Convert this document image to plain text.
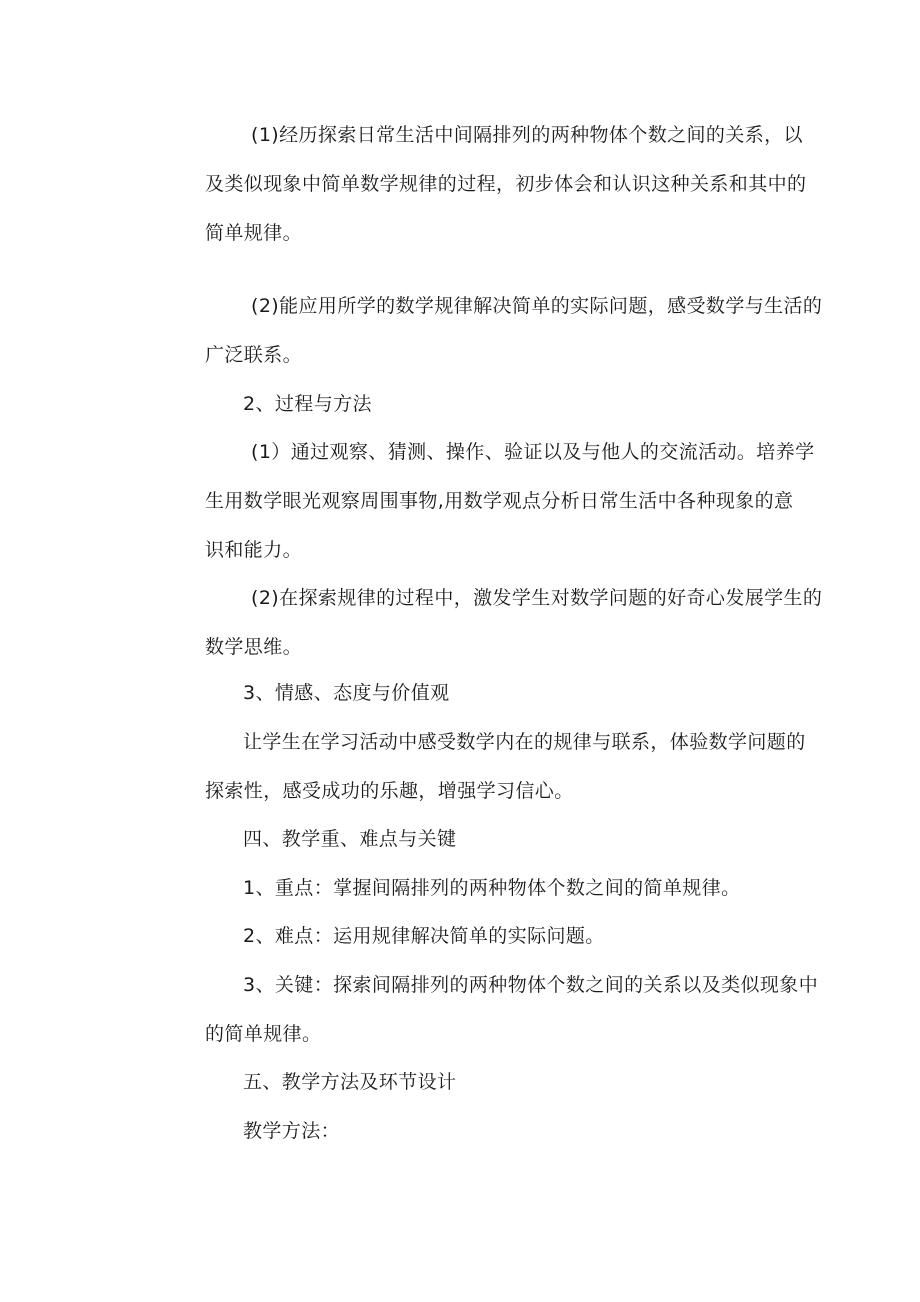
(1)经历探索日常生活中间隔排列的两种物体个数之间的关系，以
及类似现象中简单数学规律的过程，初步体会和认识这种关系和其中的
简单规律。
(2)能应用所学的数学规律解决简单的实际问题，感受数学与生活的
广泛联系。
2、过程与方法
(1）通过观察、猜测、操作、验证以及与他人的交流活动。培养学
生用数学眼光观察周围事物,用数学观点分析日常生活中各种现象的意
识和能力。
(2)在探索规律的过程中，激发学生对数学问题的好奇心发展学生的
数学思维。
3、情感、态度与价值观
让学生在学习活动中感受数学内在的规律与联系，体验数学问题的
探索性，感受成功的乐趣，增强学习信心。
四、教学重、难点与关键
1、重点：掌握间隔排列的两种物体个数之间的简单规律。
2、难点：运用规律解决简单的实际问题。
3、关键：探索间隔排列的两种物体个数之间的关系以及类似现象中
的简单规律。
五、教学方法及环节设计
教学方法：
